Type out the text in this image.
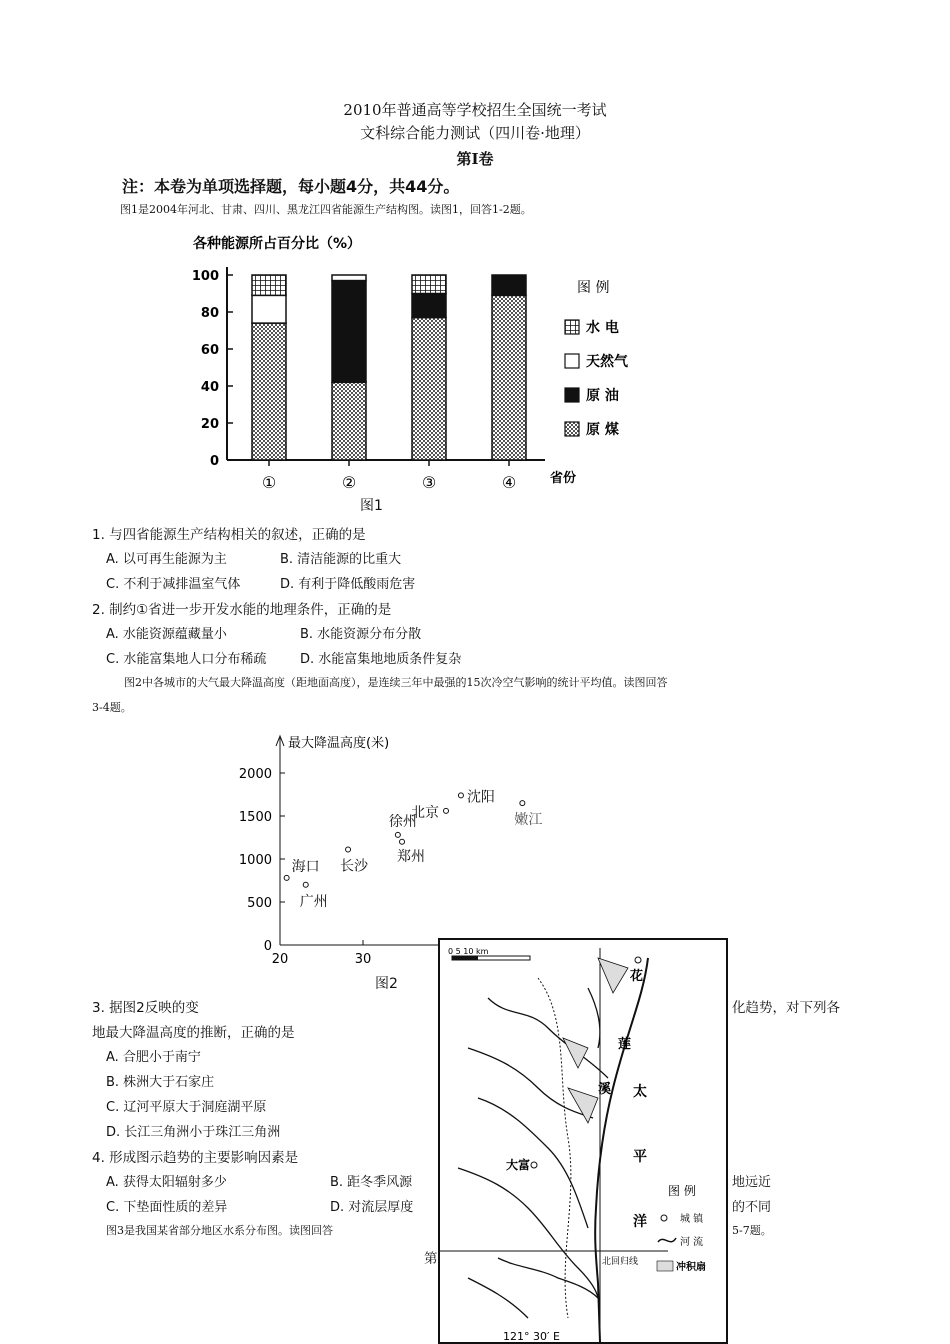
2010年普通高等学校招生全国统一考试
文科综合能力测试（四川卷·地理）
第Ⅰ卷
注：本卷为单项选择题，每小题4分，共44分。
图1是2004年河北、甘肃、四川、黑龙江四省能源生产结构图。读图1，回答1-2题。
各种能源所占百分比（%）
0
20
40
60
80
100
省份
①	②	③	④
图 例
水 电
天然气
原 油
原 煤
图1
1. 与四省能源生产结构相关的叙述，正确的是
A. 以可再生能源为主	B. 清洁能源的比重大
C. 不利于减排温室气体	D. 有利于降低酸雨危害
2. 制约①省进一步开发水能的地理条件，正确的是
A. 水能资源蕴藏量小	B. 水能资源分布分散
C. 水能富集地人口分布稀疏	D. 水能富集地地质条件复杂
图2中各城市的大气最大降温高度（距地面高度），是连续三年中最强的15次冷空气影响的统计平均值。读图回答
3-4题。
最大降温高度(米)
0
500
1000
1500
2000
20	30
海口
广州
长沙
郑州
徐州
北京
沈阳
嫩江
图2
3. 据图2反映的变	化趋势，对下列各
地最大降温高度的推断，正确的是
A. 合肥小于南宁
B. 株洲大于石家庄
C. 辽河平原大于洞庭湖平原
D. 长江三角洲小于珠江三角洲
4. 形成图示趋势的主要影响因素是
A. 获得太阳辐射多少	B. 距冬季风源	地远近
C. 下垫面性质的差异	D. 对流层厚度	的不同
图3是我国某省部分地区水系分布图。读图回答	5-7题。
第
0 5 10 km
花
莲
溪 太
平
洋
大富
北回归线
图 例
城 镇
河 流
冲积扇
121° 30′ E
